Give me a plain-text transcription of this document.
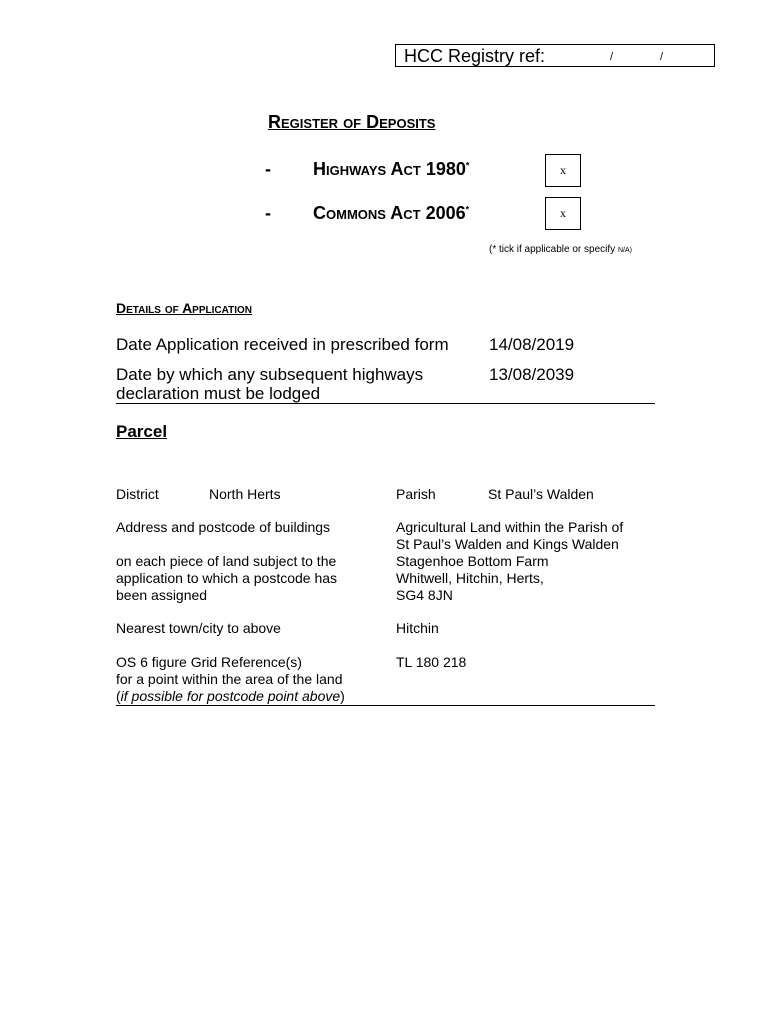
HCC Registry ref:	/	/
Register of Deposits
- Highways Act 1980*	x
- Commons Act 2006*	x
(* tick if applicable or specify N/A)
Details of Application
Date Application received in prescribed form 14/08/2019
Date by which any subsequent highways
declaration must be lodged
13/08/2039
Parcel
District	North Herts	Parish	St Paul’s Walden
Address and postcode of buildings
on each piece of land subject to the
application to which a postcode has
been assigned
Agricultural Land within the Parish of
St Paul’s Walden and Kings Walden
Stagenhoe Bottom Farm
Whitwell, Hitchin, Herts,
SG4 8JN
Nearest town/city to above	Hitchin
OS 6 figure Grid Reference(s)
for a point within the area of the land
(if possible for postcode point above)
TL 180 218
